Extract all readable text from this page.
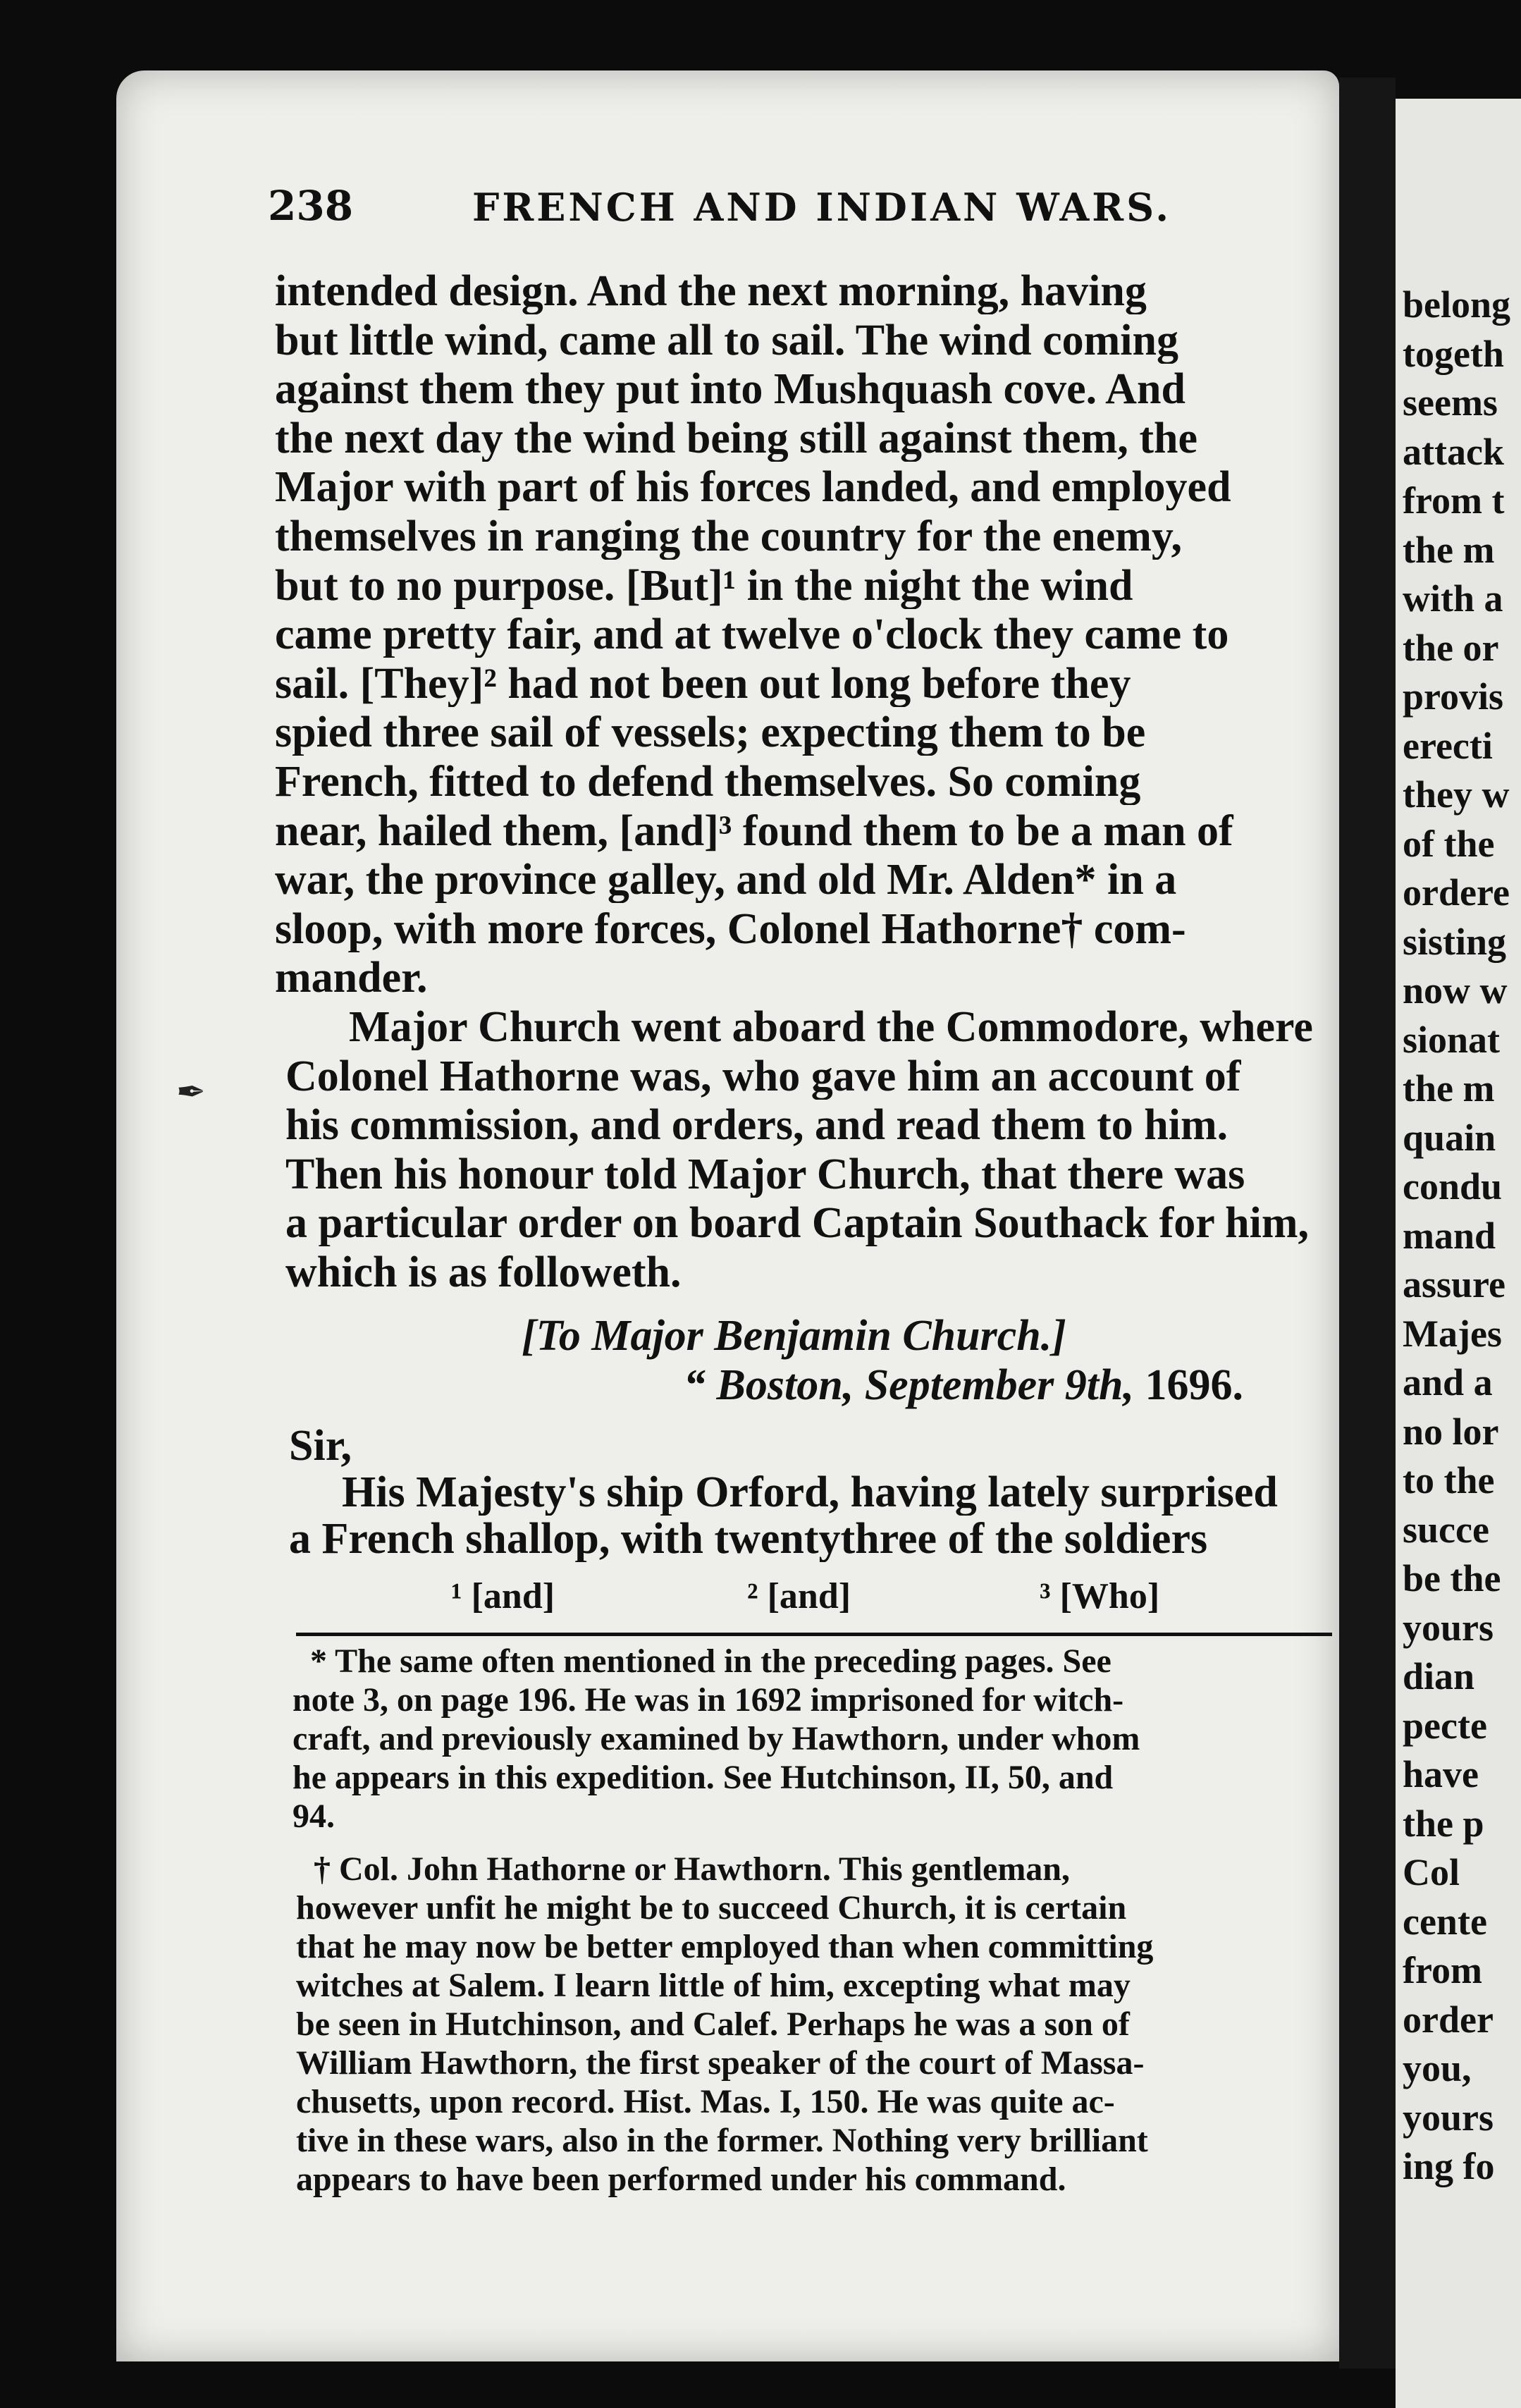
belong
togeth
seems
attack
from t
the m
with a
the or
provis
erecti
they w
of the
ordere
sisting
now w
sionat
the m
quain
condu
mand
assure
Majes
and a
no lor
to the
succe
be the
yours
dian
pecte
have
the p
Col
cente
from
order
you,
yours
ing fo
238	FRENCH AND INDIAN WARS.
✒
intended design. And the next morning, having
but little wind, came all to sail. The wind coming
against them they put into Mushquash cove. And
the next day the wind being still against them, the
Major with part of his forces landed, and employed
themselves in ranging the country for the enemy,
but to no purpose. [But]¹ in the night the wind
came pretty fair, and at twelve o'clock they came to
sail. [They]² had not been out long before they
spied three sail of vessels; expecting them to be
French, fitted to defend themselves. So coming
near, hailed them, [and]³ found them to be a man of
war, the province galley, and old Mr. Alden* in a
sloop, with more forces, Colonel Hathorne† com-
mander.
Major Church went aboard the Commodore, where
Colonel Hathorne was, who gave him an account of
his commission, and orders, and read them to him.
Then his honour told Major Church, that there was
a particular order on board Captain Southack for him,
which is as followeth.
[To Major Benjamin Church.]
“ Boston, September 9th, 1696.
Sir,
His Majesty's ship Orford, having lately surprised
a French shallop, with twentythree of the soldiers
¹ [and]	² [and]	³ [Who]
* The same often mentioned in the preceding pages. See
note 3, on page 196. He was in 1692 imprisoned for witch-
craft, and previously examined by Hawthorn, under whom
he appears in this expedition. See Hutchinson, II, 50, and
94.
† Col. John Hathorne or Hawthorn. This gentleman,
however unfit he might be to succeed Church, it is certain
that he may now be better employed than when committing
witches at Salem. I learn little of him, excepting what may
be seen in Hutchinson, and Calef. Perhaps he was a son of
William Hawthorn, the first speaker of the court of Massa-
chusetts, upon record. Hist. Mas. I, 150. He was quite ac-
tive in these wars, also in the former. Nothing very brilliant
appears to have been performed under his command.
